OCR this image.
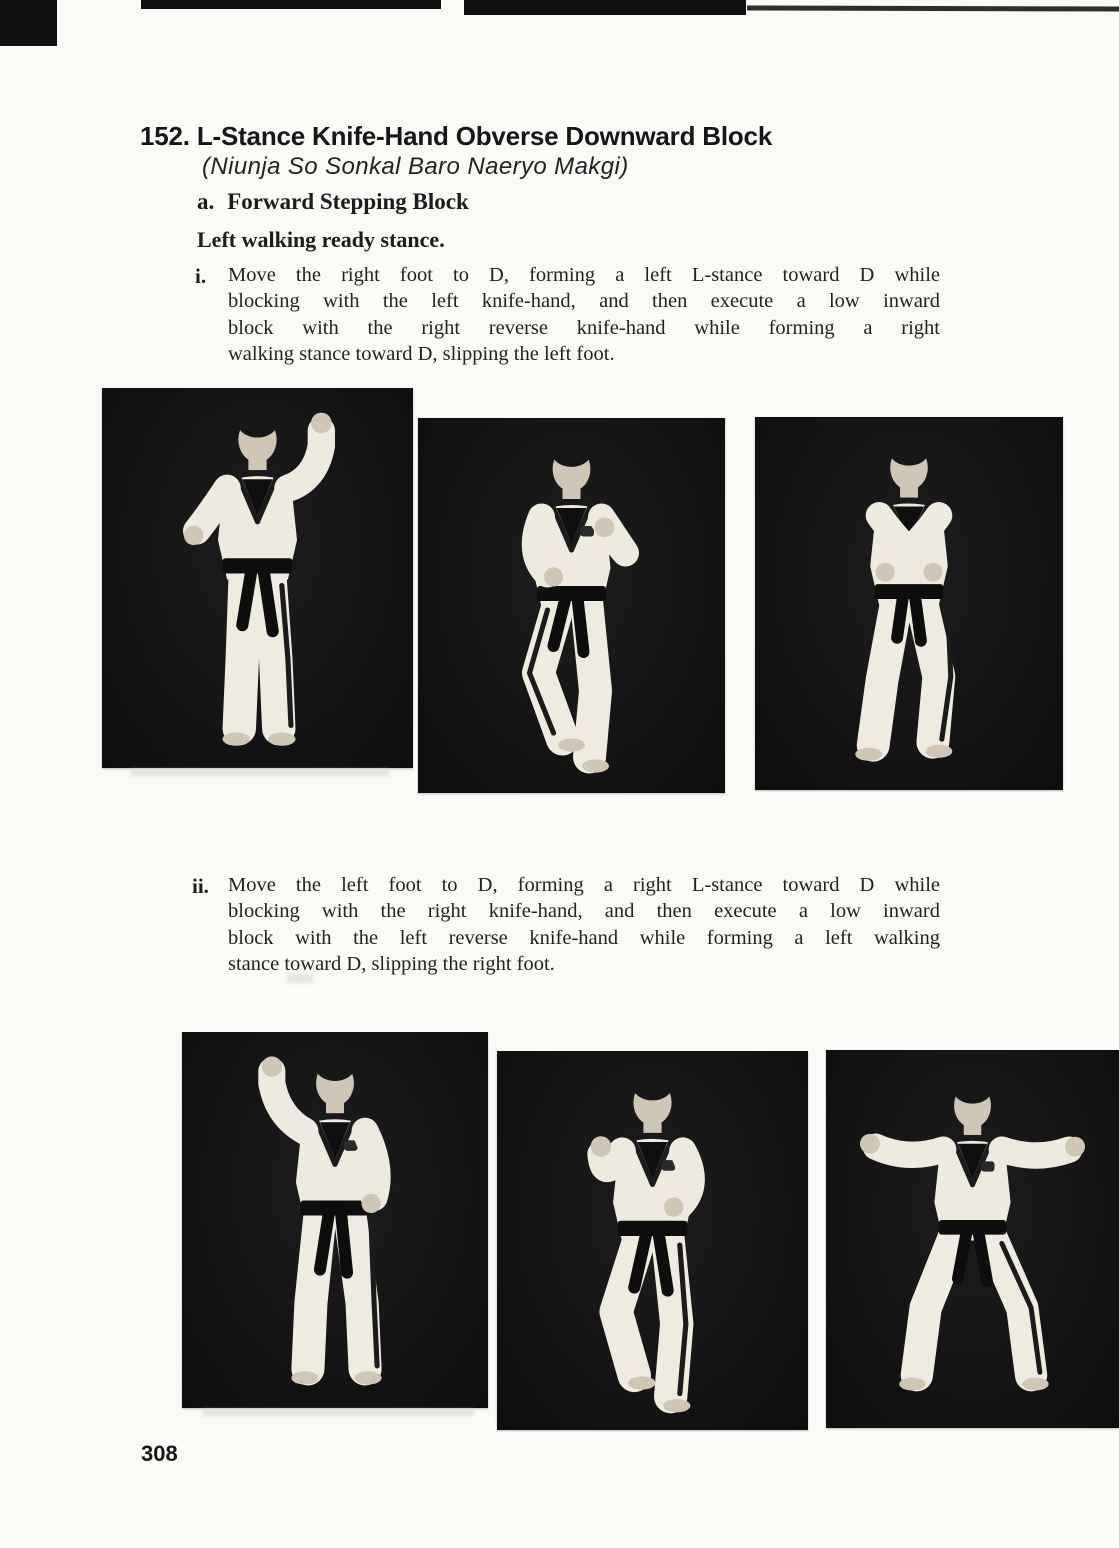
152. L-Stance Knife-Hand Obverse Downward Block
(Niunja So Sonkal Baro Naeryo Makgi)
a. Forward Stepping Block
Left walking ready stance.
i. Move the right foot to D, forming a left L-stance toward D while
blocking with the left knife-hand, and then execute a low inward
block with the right reverse knife-hand while forming a right
walking stance toward D, slipping the left foot.
ii. Move the left foot to D, forming a right L-stance toward D while
blocking with the right knife-hand, and then execute a low inward
block with the left reverse knife-hand while forming a left walking
stance toward D, slipping the right foot.
308
